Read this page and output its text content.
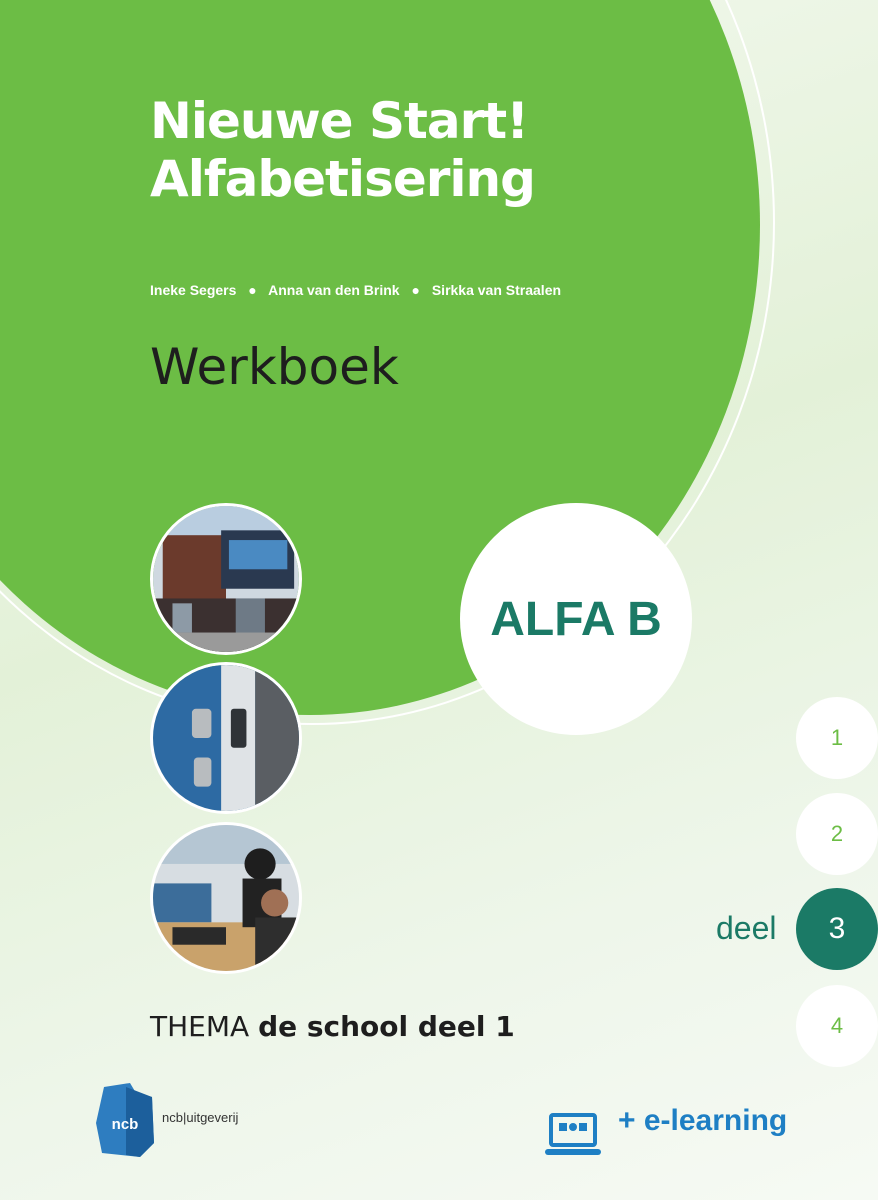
Nieuwe Start!
Alfabetisering
Ineke Segers ● Anna van den Brink ● Sirkka van Straalen
Werkboek
ALFA B
deel
1
2
3
4
THEMA de school deel 1
ncb ncb|uitgeverij	+ e-learning
